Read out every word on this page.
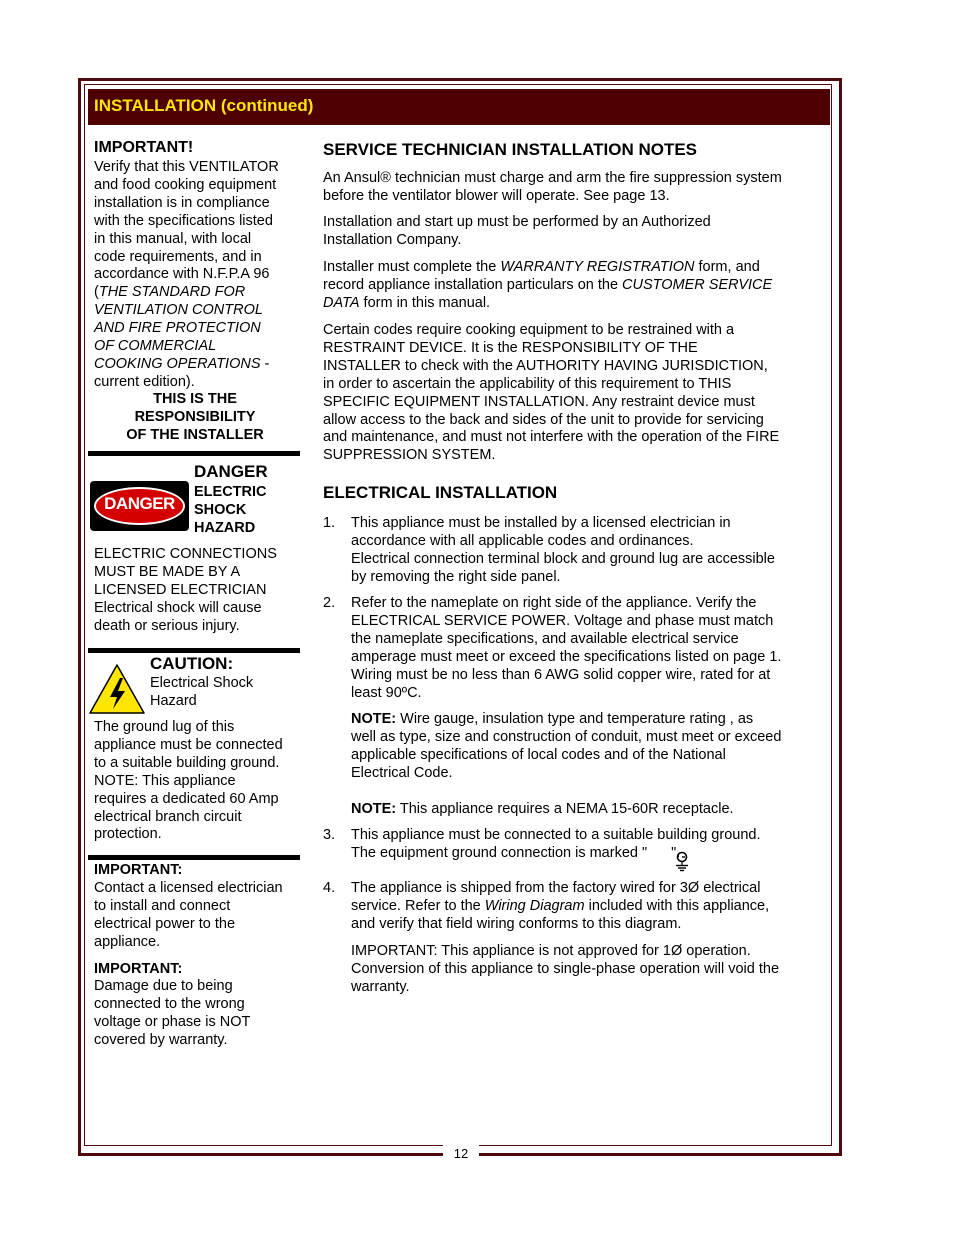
12
INSTALLATION (continued)
IMPORTANT!
Verify that this VENTILATOR
and food cooking equipment
installation is in compliance
with the specifications listed
in this manual, with local
code requirements, and in
accordance with N.F.P.A 96
(THE STANDARD FOR
VENTILATION CONTROL
AND FIRE PROTECTION
OF COMMERCIAL
COOKING OPERATIONS -
current edition).
THIS IS THE
RESPONSIBILITY
OF THE INSTALLER
DANGER
DANGER
ELECTRIC
SHOCK
HAZARD
ELECTRIC CONNECTIONS
MUST BE MADE BY A
LICENSED ELECTRICIAN
Electrical shock will cause
death or serious injury.
CAUTION:
Electrical Shock
Hazard
The ground lug of this
appliance must be connected
to a suitable building ground.
NOTE: This appliance
requires a dedicated 60 Amp
electrical branch circuit
protection.
IMPORTANT:
Contact a licensed electrician
to install and connect
electrical power to the
appliance.
IMPORTANT:
Damage due to being
connected to the wrong
voltage or phase is NOT
covered by warranty.
SERVICE TECHNICIAN INSTALLATION NOTES
An Ansul® technician must charge and arm the fire suppression system
before the ventilator blower will operate. See page 13.
Installation and start up must be performed by an Authorized
Installation Company.
Installer must complete the WARRANTY REGISTRATION form, and
record appliance installation particulars on the CUSTOMER SERVICE
DATA form in this manual.
Certain codes require cooking equipment to be restrained with a
RESTRAINT DEVICE. It is the RESPONSIBILITY OF THE
INSTALLER to check with the AUTHORITY HAVING JURISDICTION,
in order to ascertain the applicability of this requirement to THIS
SPECIFIC EQUIPMENT INSTALLATION. Any restraint device must
allow access to the back and sides of the unit to provide for servicing
and maintenance, and must not interfere with the operation of the FIRE
SUPPRESSION SYSTEM.
ELECTRICAL INSTALLATION
1. This appliance must be installed by a licensed electrician in
accordance with all applicable codes and ordinances.
Electrical connection terminal block and ground lug are accessible
by removing the right side panel.
2. Refer to the nameplate on right side of the appliance. Verify the
ELECTRICAL SERVICE POWER. Voltage and phase must match
the nameplate specifications, and available electrical service
amperage must meet or exceed the specifications listed on page 1.
Wiring must be no less than 6 AWG solid copper wire, rated for at
least 90ºC.
NOTE: Wire gauge, insulation type and temperature rating , as
well as type, size and construction of conduit, must meet or exceed
applicable specifications of local codes and of the National
Electrical Code.
NOTE: This appliance requires a NEMA 15-60R receptacle.
3. This appliance must be connected to a suitable building ground.
The equipment ground connection is marked " ".
4. The appliance is shipped from the factory wired for 3Ø electrical
service. Refer to the Wiring Diagram included with this appliance,
and verify that field wiring conforms to this diagram.
IMPORTANT: This appliance is not approved for 1Ø operation.
Conversion of this appliance to single-phase operation will void the
warranty.
